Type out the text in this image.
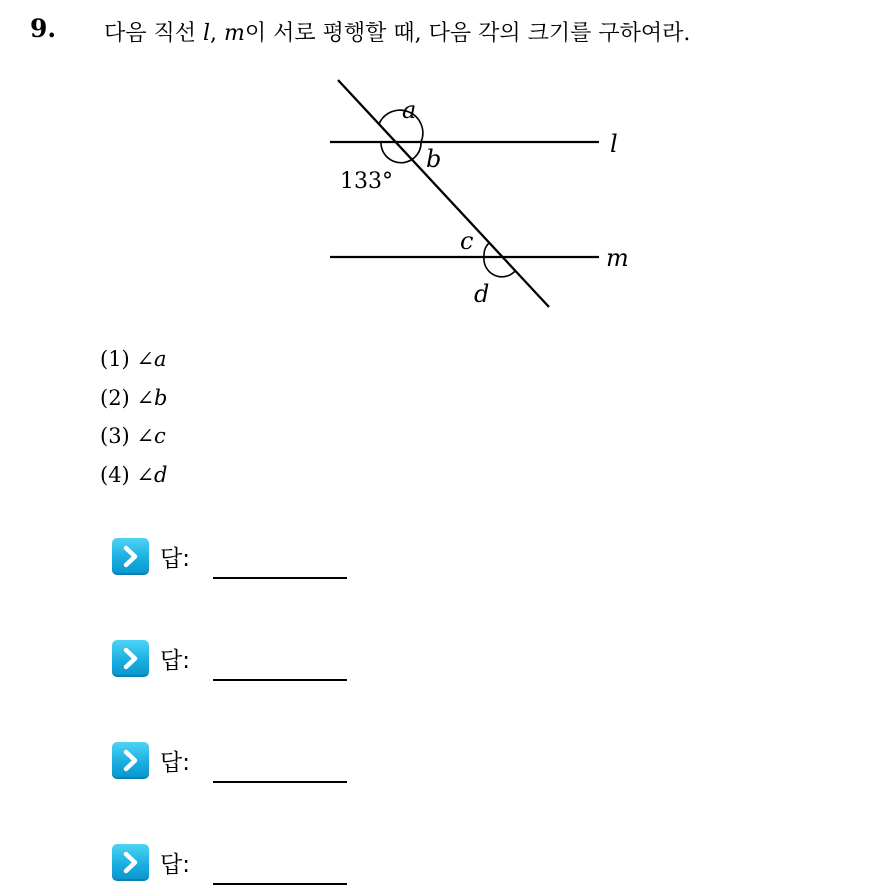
9. 다음 직선 l, m이 서로 평행할 때, 다음 각의 크기를 구하여라.
a
b
133°
c
d
l
m
(1) ∠a
(2) ∠b
(3) ∠c
(4) ∠d
답:
답:
답:
답:
